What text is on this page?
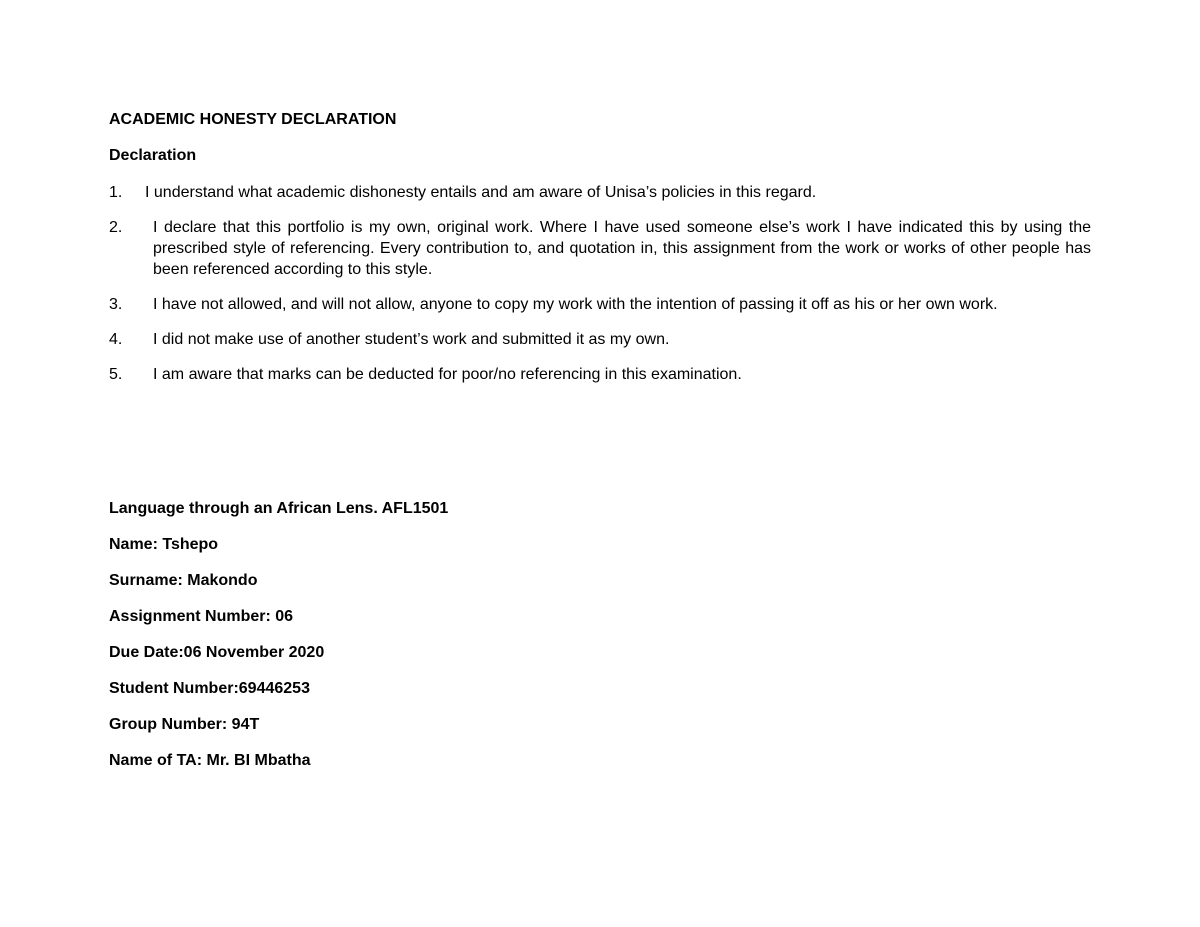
ACADEMIC HONESTY DECLARATION
Declaration
1. I understand what academic dishonesty entails and am aware of Unisa’s policies in this regard.
2. I declare that this portfolio is my own, original work. Where I have used someone else’s work I have indicated this by using the prescribed style of referencing. Every contribution to, and quotation in, this assignment from the work or works of other people has been referenced according to this style.
3. I have not allowed, and will not allow, anyone to copy my work with the intention of passing it off as his or her own work.
4. I did not make use of another student’s work and submitted it as my own.
5. I am aware that marks can be deducted for poor/no referencing in this examination.
Language through an African Lens. AFL1501
Name: Tshepo
Surname: Makondo
Assignment Number: 06
Due Date:06 November 2020
Student Number:69446253
Group Number: 94T
Name of TA: Mr. BI Mbatha
